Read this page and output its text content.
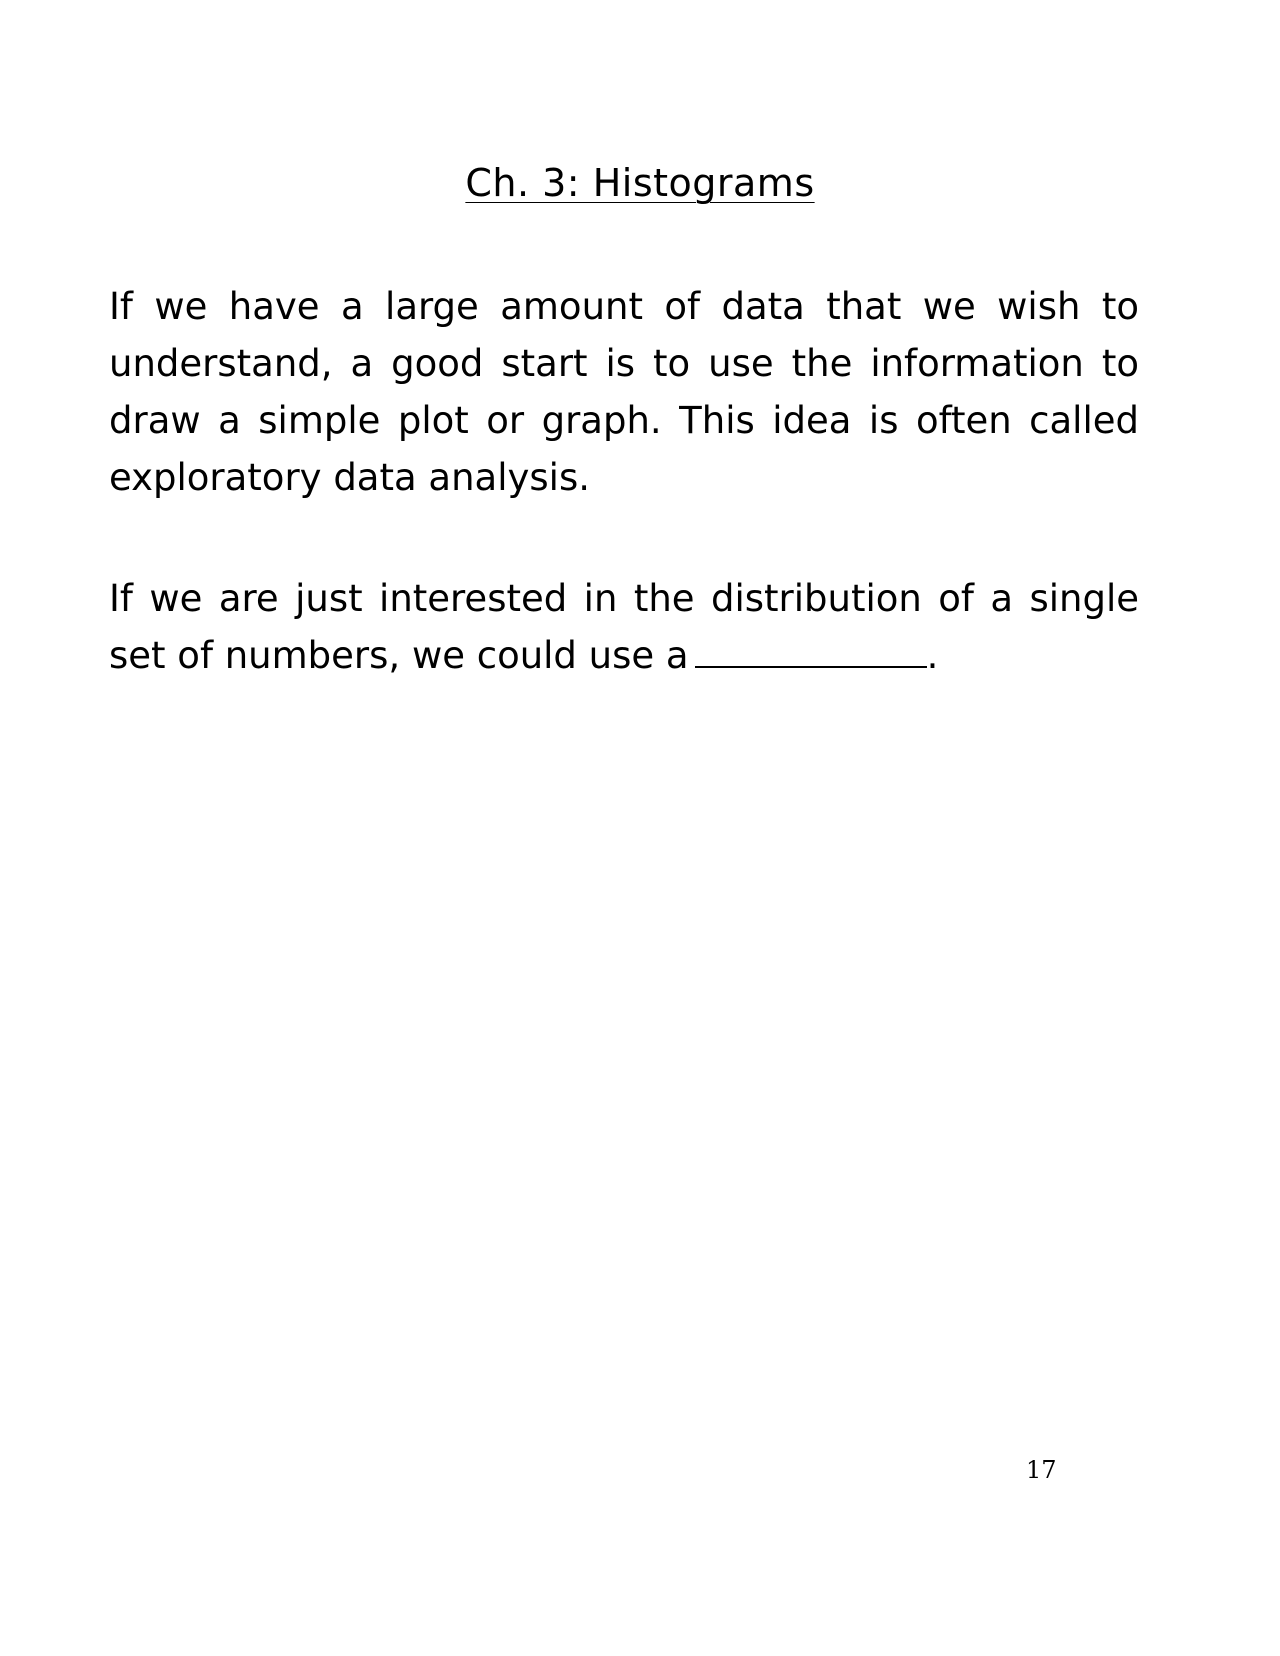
Ch. 3: Histograms

If we have a large amount of data that we wish to understand, a good start is to use the information to draw a simple plot or graph. This idea is often called exploratory data analysis.

If we are just interested in the distribution of a single set of numbers, we could use a	.

17
